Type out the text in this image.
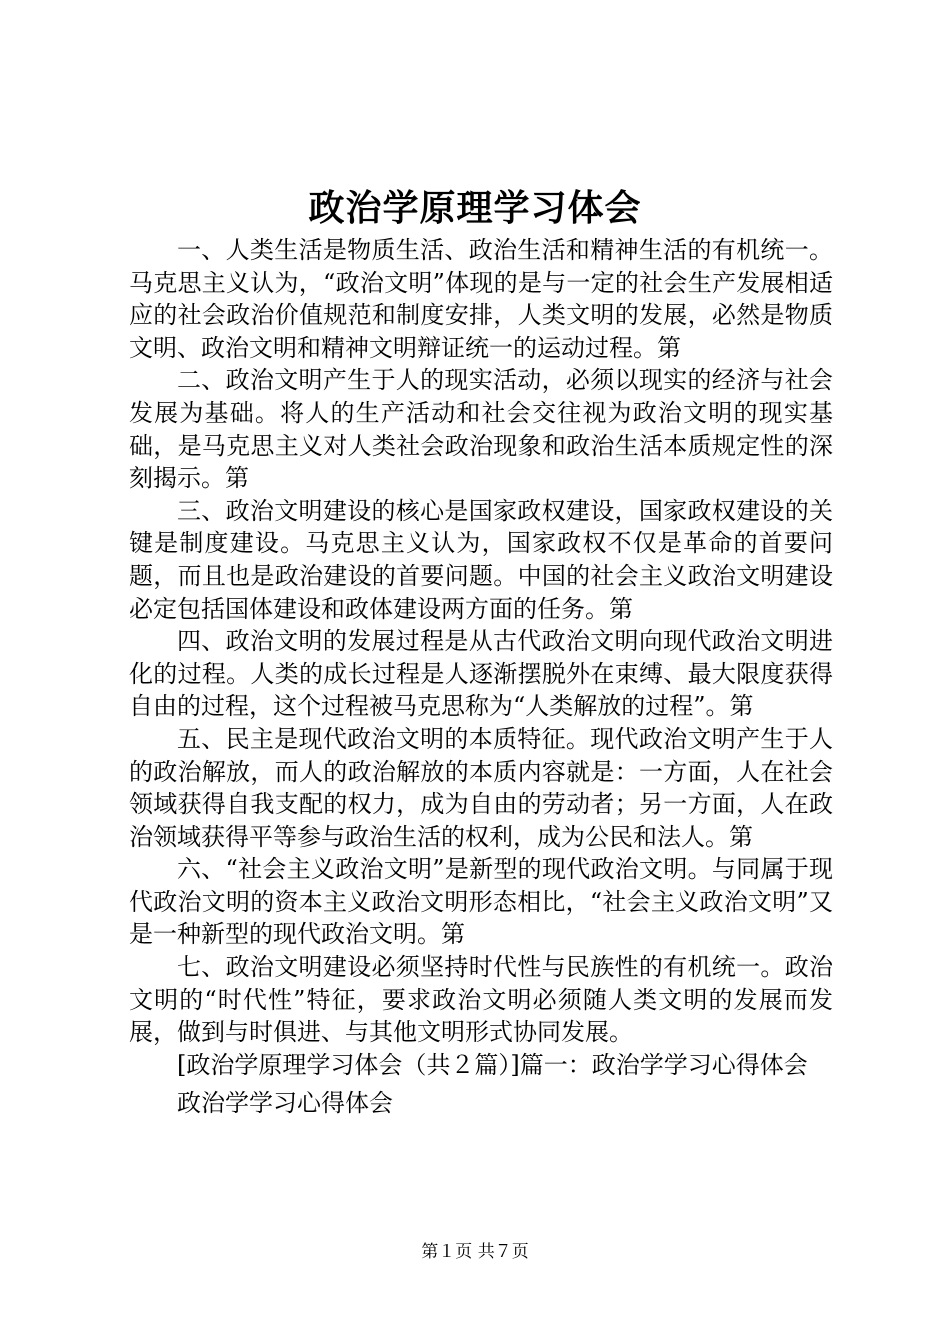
政治学原理学习体会

一、人类生活是物质生活、政治生活和精神生活的有机统一。马克思主义认为，“政治文明”体现的是与一定的社会生产发展相适应的社会政治价值规范和制度安排，人类文明的发展，必然是物质文明、政治文明和精神文明辩证统一的运动过程。第

二、政治文明产生于人的现实活动，必须以现实的经济与社会发展为基础。将人的生产活动和社会交往视为政治文明的现实基础，是马克思主义对人类社会政治现象和政治生活本质规定性的深刻揭示。第

三、政治文明建设的核心是国家政权建设，国家政权建设的关键是制度建设。马克思主义认为，国家政权不仅是革命的首要问题，而且也是政治建设的首要问题。中国的社会主义政治文明建设必定包括国体建设和政体建设两方面的任务。第

四、政治文明的发展过程是从古代政治文明向现代政治文明进化的过程。人类的成长过程是人逐渐摆脱外在束缚、最大限度获得自由的过程，这个过程被马克思称为“人类解放的过程”。第

五、民主是现代政治文明的本质特征。现代政治文明产生于人的政治解放，而人的政治解放的本质内容就是：一方面，人在社会领域获得自我支配的权力，成为自由的劳动者；另一方面，人在政治领域获得平等参与政治生活的权利，成为公民和法人。第

六、“社会主义政治文明”是新型的现代政治文明。与同属于现代政治文明的资本主义政治文明形态相比，“社会主义政治文明”又是一种新型的现代政治文明。第

七、政治文明建设必须坚持时代性与民族性的有机统一。政治文明的“时代性”特征，要求政治文明必须随人类文明的发展而发展，做到与时俱进、与其他文明形式协同发展。

[政治学原理学习体会（共２篇）]篇一：政治学学习心得体会

政治学学习心得体会

第１页 共７页
